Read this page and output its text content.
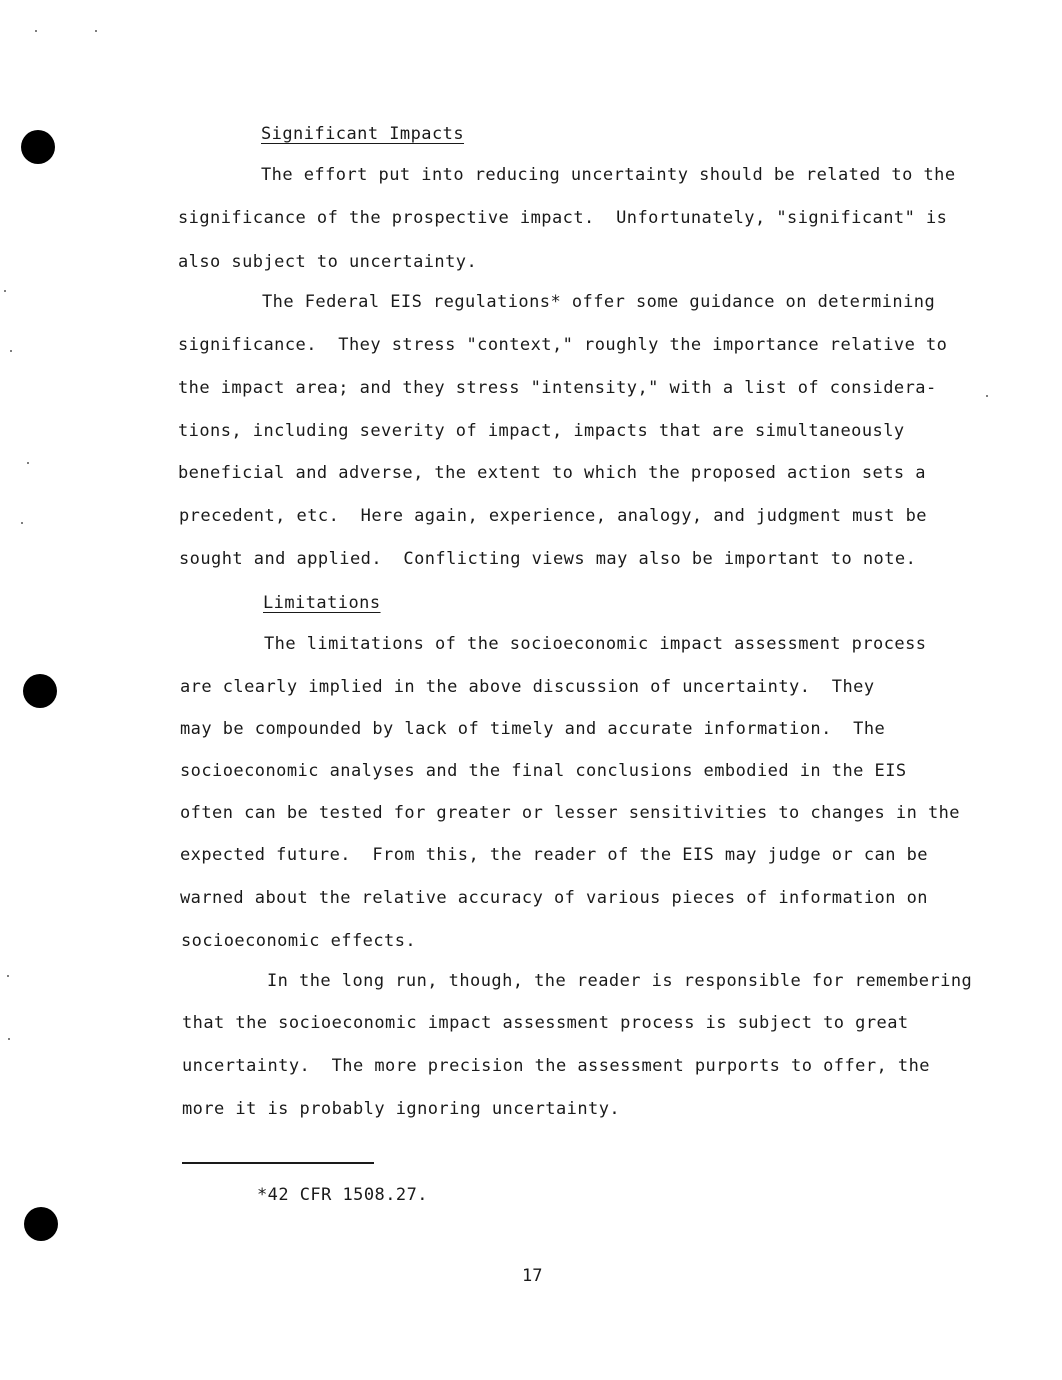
Significant Impacts
The effort put into reducing uncertainty should be related to the
significance of the prospective impact.  Unfortunately, "significant" is
also subject to uncertainty.
The Federal EIS regulations* offer some guidance on determining
significance.  They stress "context," roughly the importance relative to
the impact area; and they stress "intensity," with a list of considera-
tions, including severity of impact, impacts that are simultaneously
beneficial and adverse, the extent to which the proposed action sets a
precedent, etc.  Here again, experience, analogy, and judgment must be
sought and applied.  Conflicting views may also be important to note.
Limitations
The limitations of the socioeconomic impact assessment process
are clearly implied in the above discussion of uncertainty.  They
may be compounded by lack of timely and accurate information.  The
socioeconomic analyses and the final conclusions embodied in the EIS
often can be tested for greater or lesser sensitivities to changes in the
expected future.  From this, the reader of the EIS may judge or can be
warned about the relative accuracy of various pieces of information on
socioeconomic effects.
In the long run, though, the reader is responsible for remembering
that the socioeconomic impact assessment process is subject to great
uncertainty.  The more precision the assessment purports to offer, the
more it is probably ignoring uncertainty.
*42 CFR 1508.27.
17
